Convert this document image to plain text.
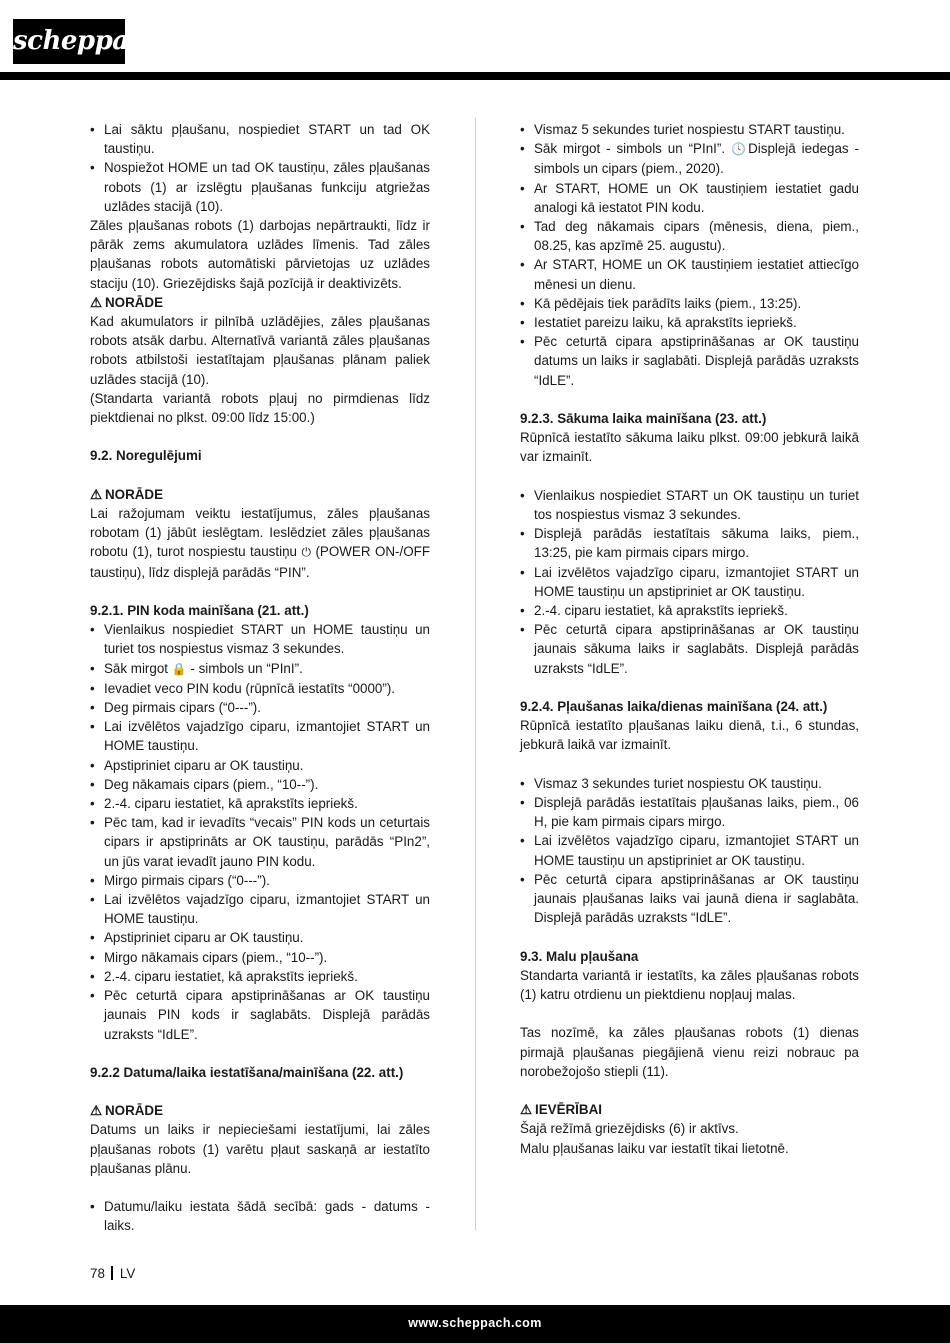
scheppach
• Lai sāktu pļaušanu, nospiediet START un tad OK taustiņu.
• Nospiežot HOME un tad OK taustiņu, zāles pļaušanas robots (1) ar izslēgtu pļaušanas funkciju atgriežas uzlādes stacijā (10).
Zāles pļaušanas robots (1) darbojas nepārtraukti, līdz ir pārāk zems akumulatora uzlādes līmenis. Tad zāles pļaušanas robots automātiski pārvietojas uz uzlādes staciju (10). Griezējdisks šajā pozīcijā ir deaktivizēts.
⚠ NORĀDE
Kad akumulators ir pilnībā uzlādējies, zāles pļaušanas robots atsāk darbu. Alternatīvā variantā zāles pļaušanas robots atbilstoši iestatītajam pļaušanas plānam paliek uzlādes stacijā (10).
(Standarta variantā robots pļauj no pirmdienas līdz piektdienai no plkst. 09:00 līdz 15:00.)
9.2. Noregulējumi
⚠ NORĀDE
Lai ražojumam veiktu iestatījumus, zāles pļaušanas robotam (1) jābūt ieslēgtam. Ieslēdziet zāles pļaušanas robotu (1), turot nospiestu taustiņu ⏻ (POWER ON-/OFF taustiņu), līdz displejā parādās “PIN”.
9.2.1. PIN koda mainīšana (21. att.)
• Vienlaikus nospiediet START un HOME taustiņu un turiet tos nospiestus vismaz 3 sekundes.
• Sāk mirgot 🔒 - simbols un “PInI”.
• Ievadiet veco PIN kodu (rūpnīcā iestatīts “0000”).
• Deg pirmais cipars (“0---”).
• Lai izvēlētos vajadzīgo ciparu, izmantojiet START un HOME taustiņu.
• Apstipriniet ciparu ar OK taustiņu.
• Deg nākamais cipars (piem., “10--”).
• 2.-4. ciparu iestatiet, kā aprakstīts iepriekš.
• Pēc tam, kad ir ievadīts “vecais” PIN kods un ceturtais cipars ir apstiprināts ar OK taustiņu, parādās “PIn2”, un jūs varat ievadīt jauno PIN kodu.
• Mirgo pirmais cipars (“0---”).
• Lai izvēlētos vajadzīgo ciparu, izmantojiet START un HOME taustiņu.
• Apstipriniet ciparu ar OK taustiņu.
• Mirgo nākamais cipars (piem., “10--”).
• 2.-4. ciparu iestatiet, kā aprakstīts iepriekš.
• Pēc ceturtā cipara apstiprināšanas ar OK taustiņu jaunais PIN kods ir saglabāts. Displejā parādās uzraksts “IdLE”.
9.2.2 Datuma/laika iestatīšana/mainīšana (22. att.)
⚠ NORĀDE
Datums un laiks ir nepieciešami iestatījumi, lai zāles pļaušanas robots (1) varētu pļaut saskaņā ar iestatīto pļaušanas plānu.
• Datumu/laiku iestata šādā secībā: gads - datums - laiks.
• Vismaz 5 sekundes turiet nospiestu START taustiņu.
• Sāk mirgot - simbols un “PInI”. 🕓Displejā iedegas - simbols un cipars (piem., 2020).
• Ar START, HOME un OK taustiņiem iestatiet gadu analogi kā iestatot PIN kodu.
• Tad deg nākamais cipars (mēnesis, diena, piem., 08.25, kas apzīmē 25. augustu).
• Ar START, HOME un OK taustiņiem iestatiet attiecīgo mēnesi un dienu.
• Kā pēdējais tiek parādīts laiks (piem., 13:25).
• Iestatiet pareizu laiku, kā aprakstīts iepriekš.
• Pēc ceturtā cipara apstiprināšanas ar OK taustiņu datums un laiks ir saglabāti. Displejā parādās uzraksts “IdLE”.
9.2.3. Sākuma laika mainīšana (23. att.)
Rūpnīcā iestatīto sākuma laiku plkst. 09:00 jebkurā laikā var izmainīt.
• Vienlaikus nospiediet START un OK taustiņu un turiet tos nospiestus vismaz 3 sekundes.
• Displejā parādās iestatītais sākuma laiks, piem., 13:25, pie kam pirmais cipars mirgo.
• Lai izvēlētos vajadzīgo ciparu, izmantojiet START un HOME taustiņu un apstipriniet ar OK taustiņu.
• 2.-4. ciparu iestatiet, kā aprakstīts iepriekš.
• Pēc ceturtā cipara apstiprināšanas ar OK taustiņu jaunais sākuma laiks ir saglabāts. Displejā parādās uzraksts “IdLE”.
9.2.4. Pļaušanas laika/dienas mainīšana (24. att.)
Rūpnīcā iestatīto pļaušanas laiku dienā, t.i., 6 stundas, jebkurā laikā var izmainīt.
• Vismaz 3 sekundes turiet nospiestu OK taustiņu.
• Displejā parādās iestatītais pļaušanas laiks, piem., 06 H, pie kam pirmais cipars mirgo.
• Lai izvēlētos vajadzīgo ciparu, izmantojiet START un HOME taustiņu un apstipriniet ar OK taustiņu.
• Pēc ceturtā cipara apstiprināšanas ar OK taustiņu jaunais pļaušanas laiks vai jaunā diena ir saglabāta. Displejā parādās uzraksts “IdLE”.
9.3. Malu pļaušana
Standarta variantā ir iestatīts, ka zāles pļaušanas robots (1) katru otrdienu un piektdienu nopļauj malas.
Tas nozīmē, ka zāles pļaušanas robots (1) dienas pirmajā pļaušanas piegājienā vienu reizi nobrauc pa norobežojošo stiepli (11).
⚠ IEVĒRĪBAI
Šajā režīmā griezējdisks (6) ir aktīvs.
Malu pļaušanas laiku var iestatīt tikai lietotnē.
78 LV
www.scheppach.com
